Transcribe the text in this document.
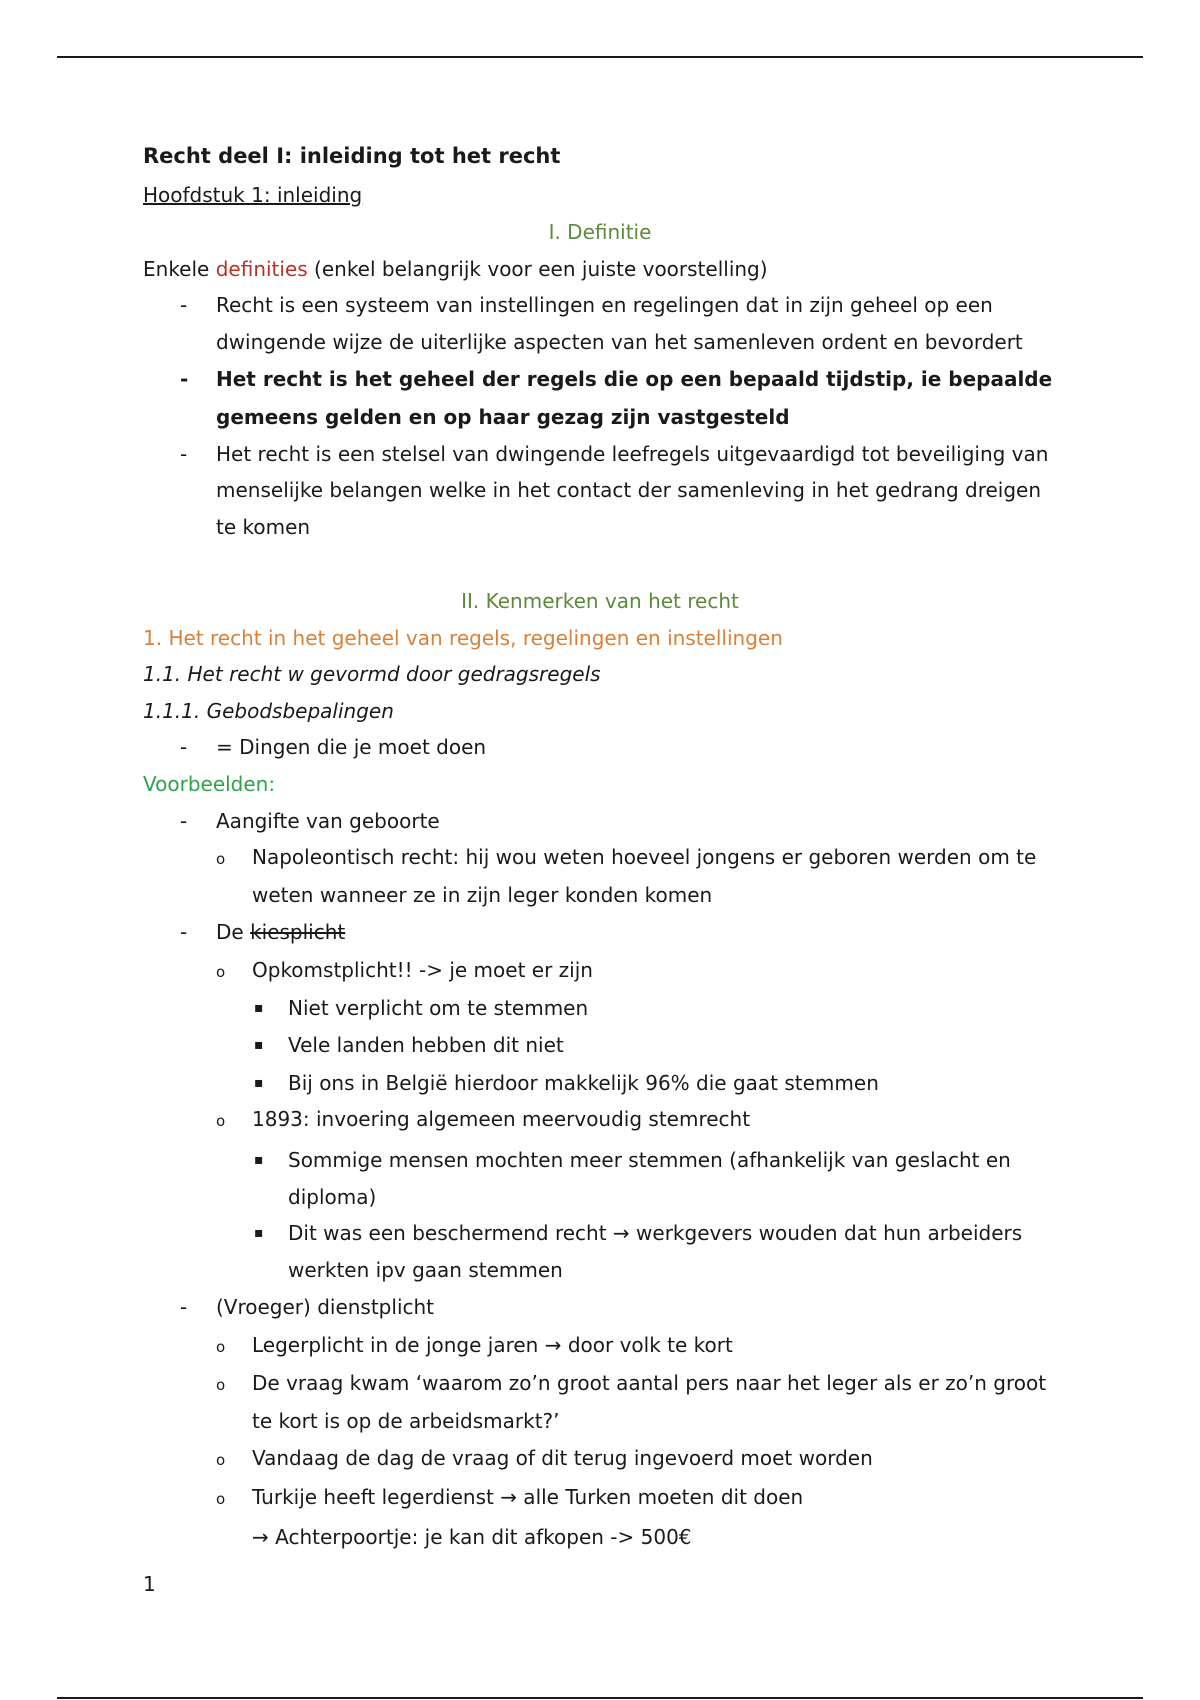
Recht deel I: inleiding tot het recht
Hoofdstuk 1: inleiding
I. Definitie
Enkele definities (enkel belangrijk voor een juiste voorstelling)
- Recht is een systeem van instellingen en regelingen dat in zijn geheel op een
dwingende wijze de uiterlijke aspecten van het samenleven ordent en bevordert
- Het recht is het geheel der regels die op een bepaald tijdstip, ie bepaalde
gemeens gelden en op haar gezag zijn vastgesteld
- Het recht is een stelsel van dwingende leefregels uitgevaardigd tot beveiliging van
menselijke belangen welke in het contact der samenleving in het gedrang dreigen
te komen
II. Kenmerken van het recht
1. Het recht in het geheel van regels, regelingen en instellingen
1.1. Het recht w gevormd door gedragsregels
1.1.1. Gebodsbepalingen
- = Dingen die je moet doen
Voorbeelden:
- Aangifte van geboorte
o Napoleontisch recht: hij wou weten hoeveel jongens er geboren werden om te
weten wanneer ze in zijn leger konden komen
- De kiesplicht
o Opkomstplicht!! -> je moet er zijn
▪ Niet verplicht om te stemmen
▪ Vele landen hebben dit niet
▪ Bij ons in België hierdoor makkelijk 96% die gaat stemmen
o 1893: invoering algemeen meervoudig stemrecht
▪ Sommige mensen mochten meer stemmen (afhankelijk van geslacht en
diploma)
▪ Dit was een beschermend recht → werkgevers wouden dat hun arbeiders
werkten ipv gaan stemmen
- (Vroeger) dienstplicht
o Legerplicht in de jonge jaren → door volk te kort
o De vraag kwam ‘waarom zo’n groot aantal pers naar het leger als er zo’n groot
te kort is op de arbeidsmarkt?’
o Vandaag de dag de vraag of dit terug ingevoerd moet worden
o Turkije heeft legerdienst → alle Turken moeten dit doen
→ Achterpoortje: je kan dit afkopen -> 500€
1
